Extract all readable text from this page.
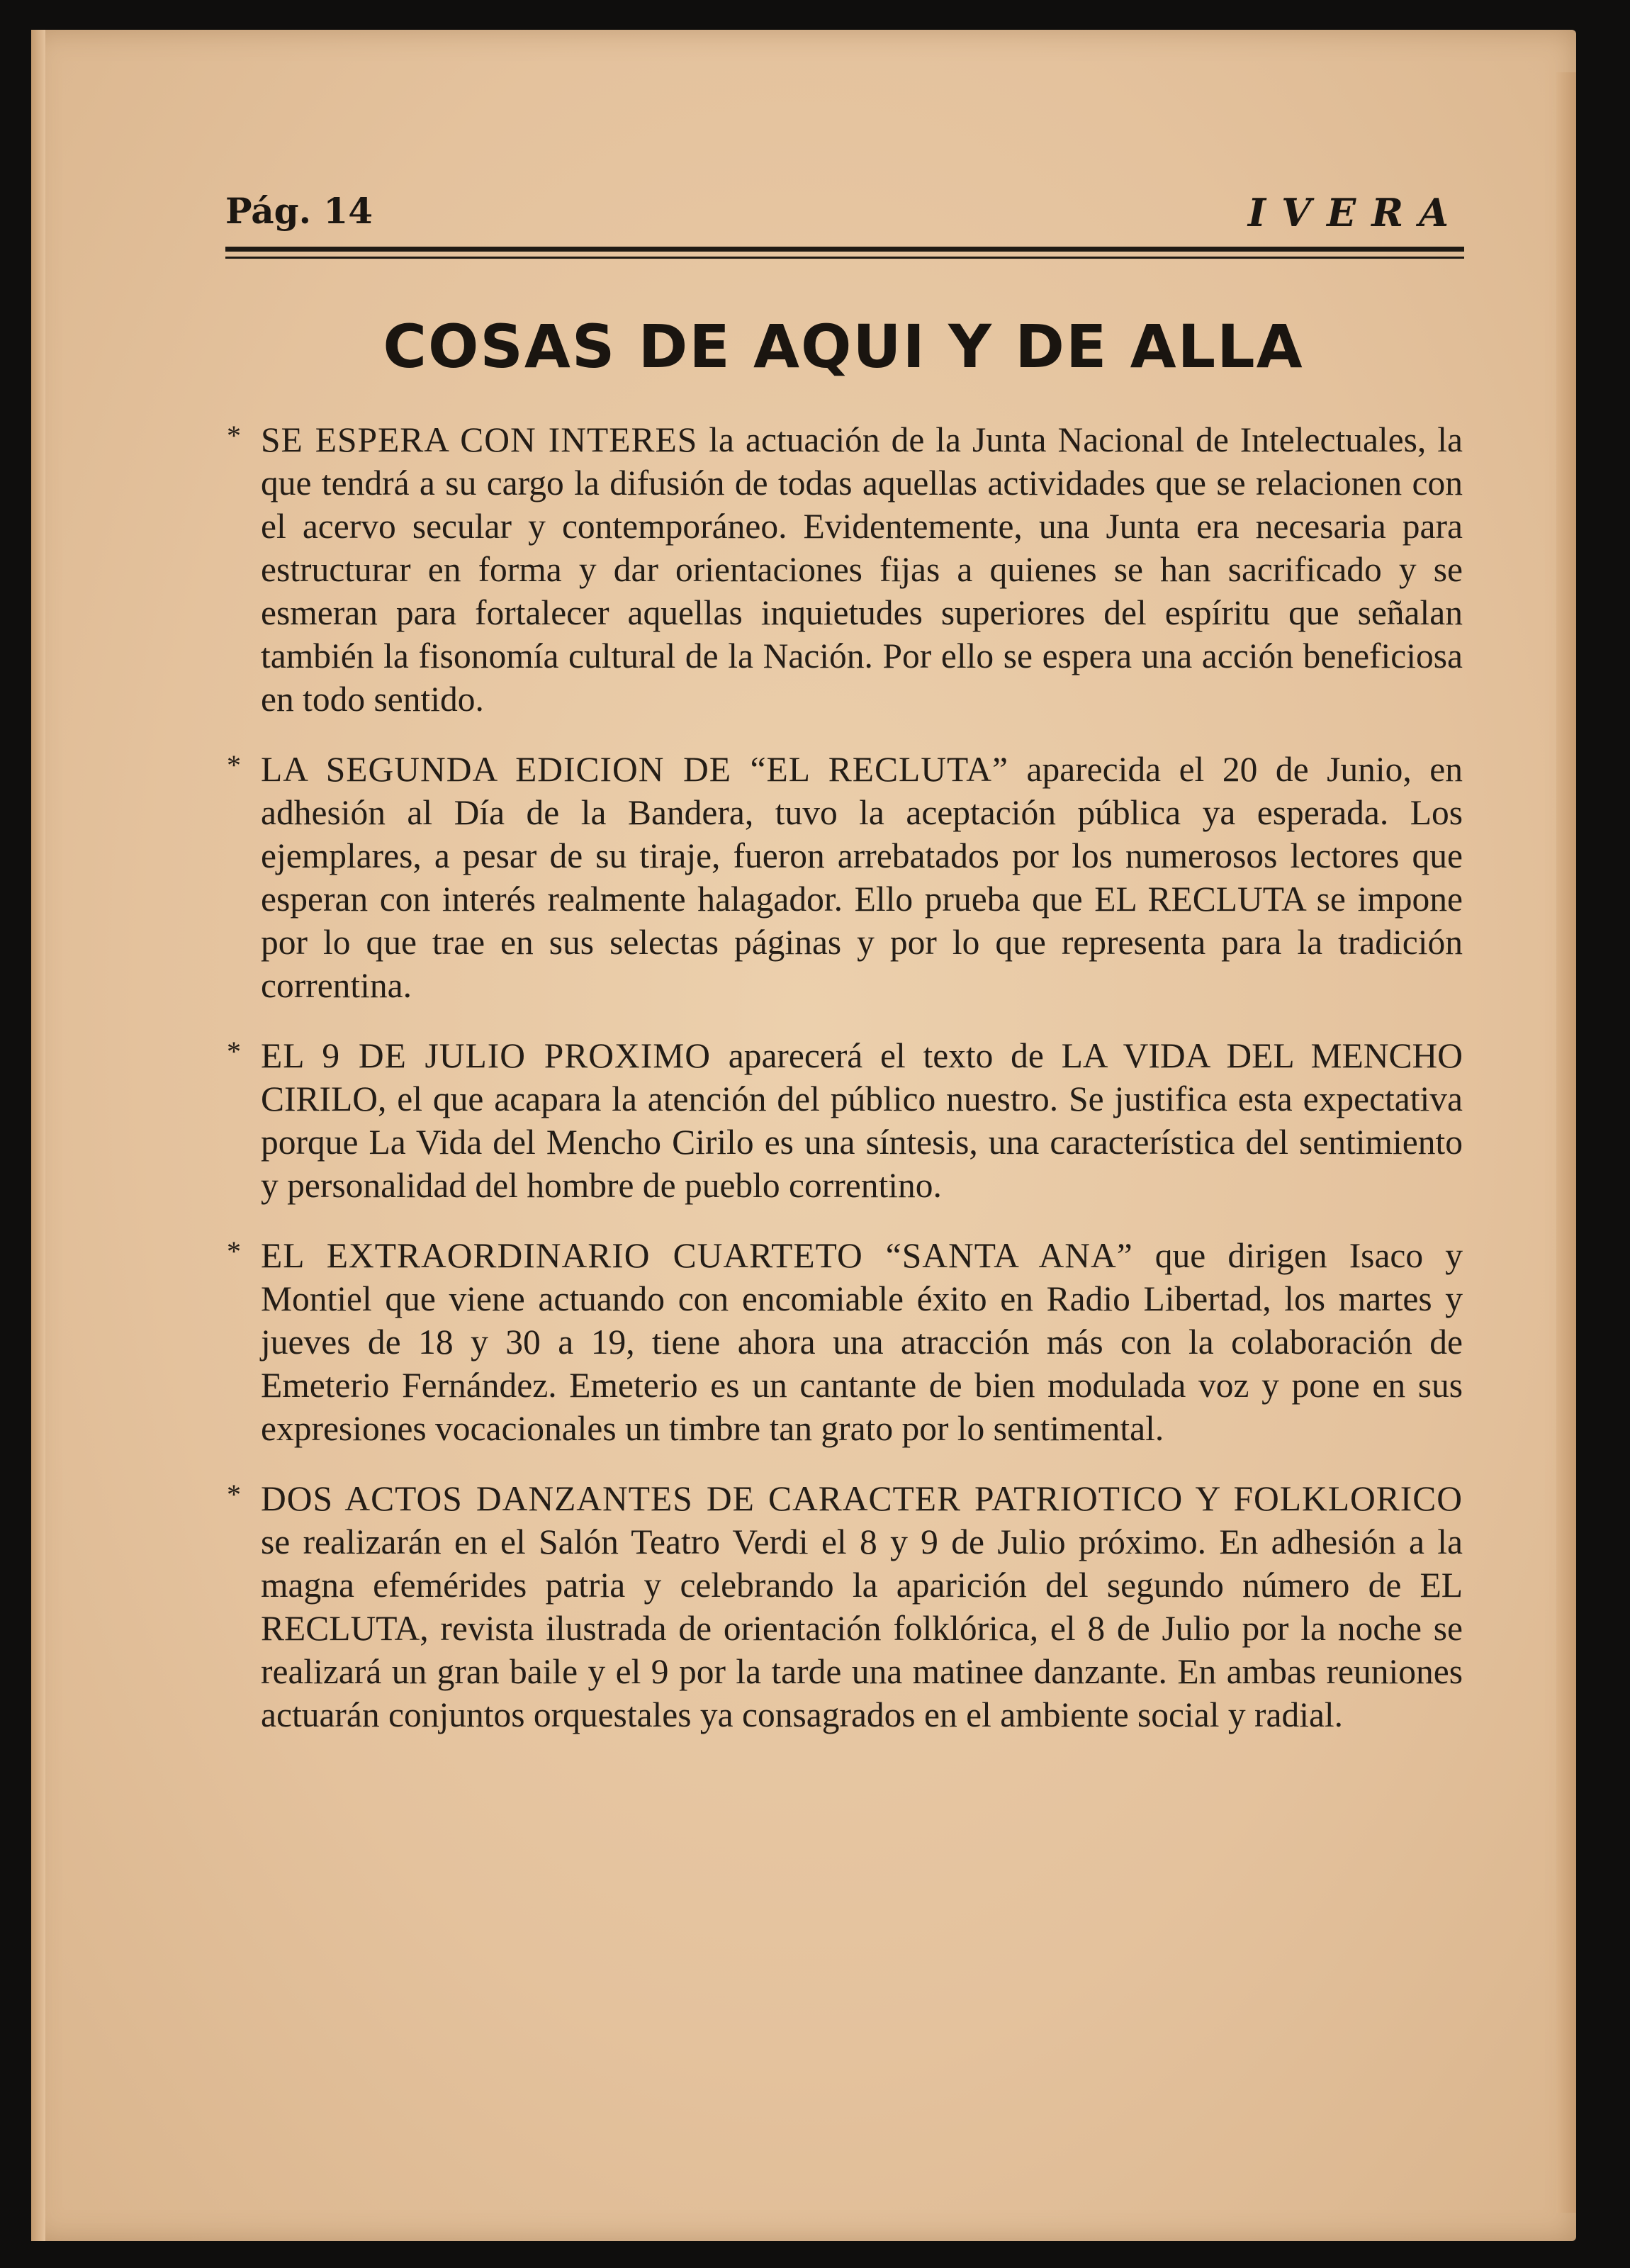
Pág. 14	IVERA
COSAS DE AQUI Y DE ALLA
* SE ESPERA CON INTERES la actuación de la Junta Nacional de Intelectuales, la que tendrá a su cargo la difusión de todas aquellas actividades que se relacionen con el acervo secular y contemporáneo. Evidentemente, una Junta era necesaria para estructurar en forma y dar orientaciones fijas a quienes se han sacrificado y se esmeran para fortalecer aquellas inquietudes superiores del espíritu que señalan también la fisonomía cultural de la Nación. Por ello se espera una acción beneficiosa en todo sentido.
* LA SEGUNDA EDICION DE “EL RECLUTA” aparecida el 20 de Junio, en adhesión al Día de la Bandera, tuvo la aceptación pública ya esperada. Los ejemplares, a pesar de su tiraje, fueron arrebatados por los numerosos lectores que esperan con interés realmente halagador. Ello prueba que EL RECLUTA se impone por lo que trae en sus selectas páginas y por lo que representa para la tradición correntina.
* EL 9 DE JULIO PROXIMO aparecerá el texto de LA VIDA DEL MENCHO CIRILO, el que acapara la atención del público nuestro. Se justifica esta expectativa porque La Vida del Mencho Cirilo es una síntesis, una característica del sentimiento y personalidad del hombre de pueblo correntino.
* EL EXTRAORDINARIO CUARTETO “SANTA ANA” que dirigen Isaco y Montiel que viene actuando con encomiable éxito en Radio Libertad, los martes y jueves de 18 y 30 a 19, tiene ahora una atracción más con la colaboración de Emeterio Fernández. Emeterio es un cantante de bien modulada voz y pone en sus expresiones vocacionales un timbre tan grato por lo sentimental.
* DOS ACTOS DANZANTES DE CARACTER PATRIOTICO Y FOLKLORICO se realizarán en el Salón Teatro Verdi el 8 y 9 de Julio próximo. En adhesión a la magna efemérides patria y celebrando la aparición del segundo número de EL RECLUTA, revista ilustrada de orientación folklórica, el 8 de Julio por la noche se realizará un gran baile y el 9 por la tarde una matinee danzante. En ambas reuniones actuarán conjuntos orquestales ya consagrados en el ambiente social y radial.
